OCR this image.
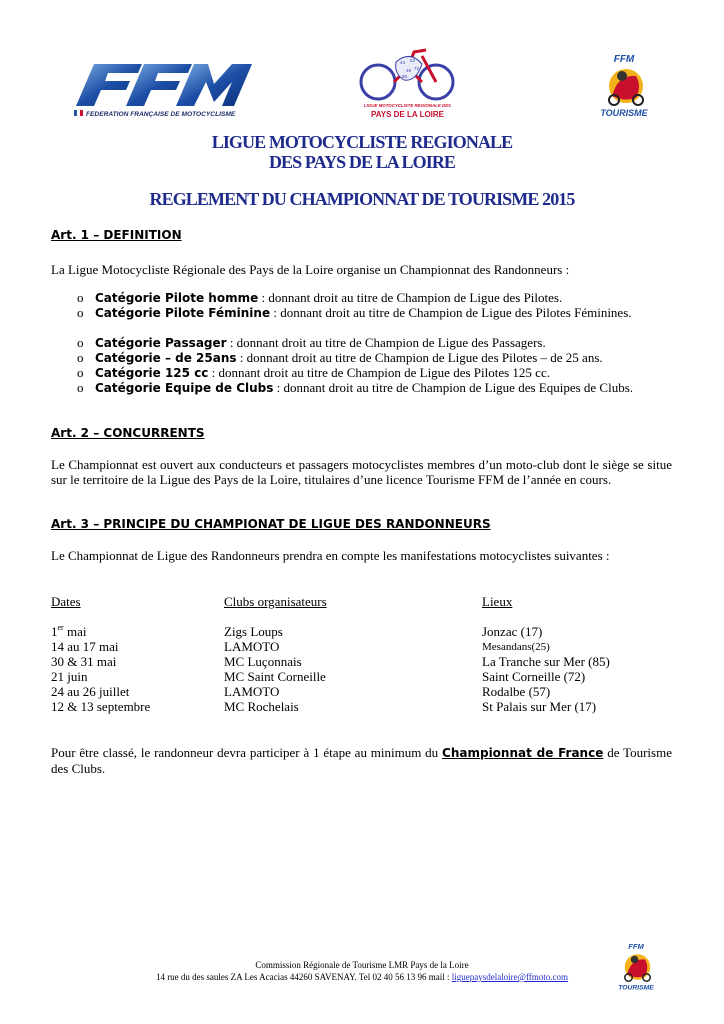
FEDERATION FRANÇAISE DE MOTOCYCLISME
44 53
72
49
85
LIGUE MOTOCYCLISTE REGIONALE DES
PAYS DE LA LOIRE
FFM
TOURISME
LIGUE MOTOCYCLISTE REGIONALE
DES PAYS DE LA LOIRE
REGLEMENT DU CHAMPIONNAT DE TOURISME 2015
Art. 1 – DEFINITION
La Ligue Motocycliste Régionale des Pays de la Loire organise un Championnat des Randonneurs :
o Catégorie Pilote homme : donnant droit au titre de Champion de Ligue des Pilotes.
o Catégorie Pilote Féminine : donnant droit au titre de Champion de Ligue des Pilotes Féminines.
o Catégorie Passager : donnant droit au titre de Champion de Ligue des Passagers.
o Catégorie – de 25ans : donnant droit au titre de Champion de Ligue des Pilotes – de 25 ans.
o Catégorie 125 cc : donnant droit au titre de Champion de Ligue des Pilotes 125 cc.
o Catégorie Equipe de Clubs : donnant droit au titre de Champion de Ligue des Equipes de Clubs.
Art. 2 – CONCURRENTS
Le Championnat est ouvert aux conducteurs et passagers motocyclistes membres d’un moto-club dont le siège se situe sur le territoire de la Ligue des Pays de la Loire, titulaires d’une licence Tourisme FFM de l’année en cours.
Art. 3 – PRINCIPE DU CHAMPIONAT DE LIGUE DES RANDONNEURS
Le Championnat de Ligue des Randonneurs prendra en compte les manifestations motocyclistes suivantes :
Dates	Clubs organisateurs	Lieux
1er mai	Zigs Loups	Jonzac (17)
14 au 17 mai	LAMOTO	Mesandans(25)
30 & 31 mai	MC Luçonnais	La Tranche sur Mer (85)
21 juin	MC Saint Corneille	Saint Corneille (72)
24 au 26 juillet	LAMOTO	Rodalbe (57)
12 & 13 septembre	MC Rochelais	St Palais sur Mer (17)
Pour être classé, le randonneur devra participer à 1 étape au minimum du Championnat de France de Tourisme des Clubs.
Commission Régionale de Tourisme LMR Pays de la Loire
14 rue du des saules ZA Les Acacias 44260 SAVENAY. Tel 02 40 56 13 96 mail : liguepaysdelaloire@ffmoto.com
FFM
TOURISME
